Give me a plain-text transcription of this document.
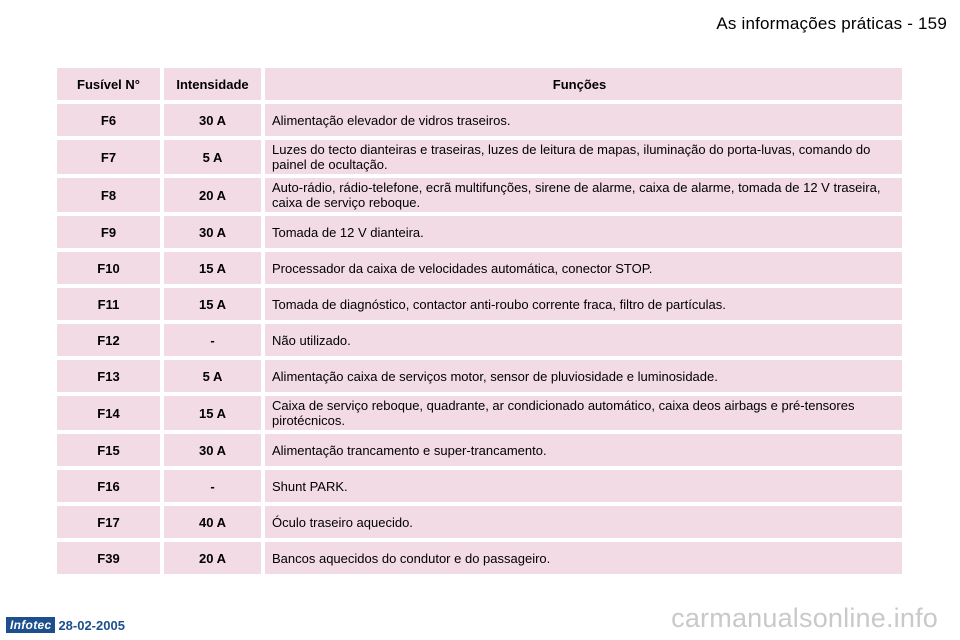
As informações práticas - 159
Fusível N°	Intensidade	Funções
F6	30 A	Alimentação elevador de vidros traseiros.
F7	5 A	Luzes do tecto dianteiras e traseiras, luzes de leitura de mapas, iluminação do porta-luvas, comando do painel de ocultação.
F8	20 A	Auto-rádio, rádio-telefone, ecrã multifunções, sirene de alarme, caixa de alarme, tomada de 12 V traseira, caixa de serviço reboque.
F9	30 A	Tomada de 12 V dianteira.
F10	15 A	Processador da caixa de velocidades automática, conector STOP.
F11	15 A	Tomada de diagnóstico, contactor anti-roubo corrente fraca, filtro de partículas.
F12	-	Não utilizado.
F13	5 A	Alimentação caixa de serviços motor, sensor de pluviosidade e luminosidade.
F14	15 A	Caixa de serviço reboque, quadrante, ar condicionado automático, caixa deos airbags e pré-tensores pirotécnicos.
F15	30 A	Alimentação trancamento e super-trancamento.
F16	-	Shunt PARK.
F17	40 A	Óculo traseiro aquecido.
F39	20 A	Bancos aquecidos do condutor e do passageiro.
Infotec 28-02-2005	carmanualsonline.info
